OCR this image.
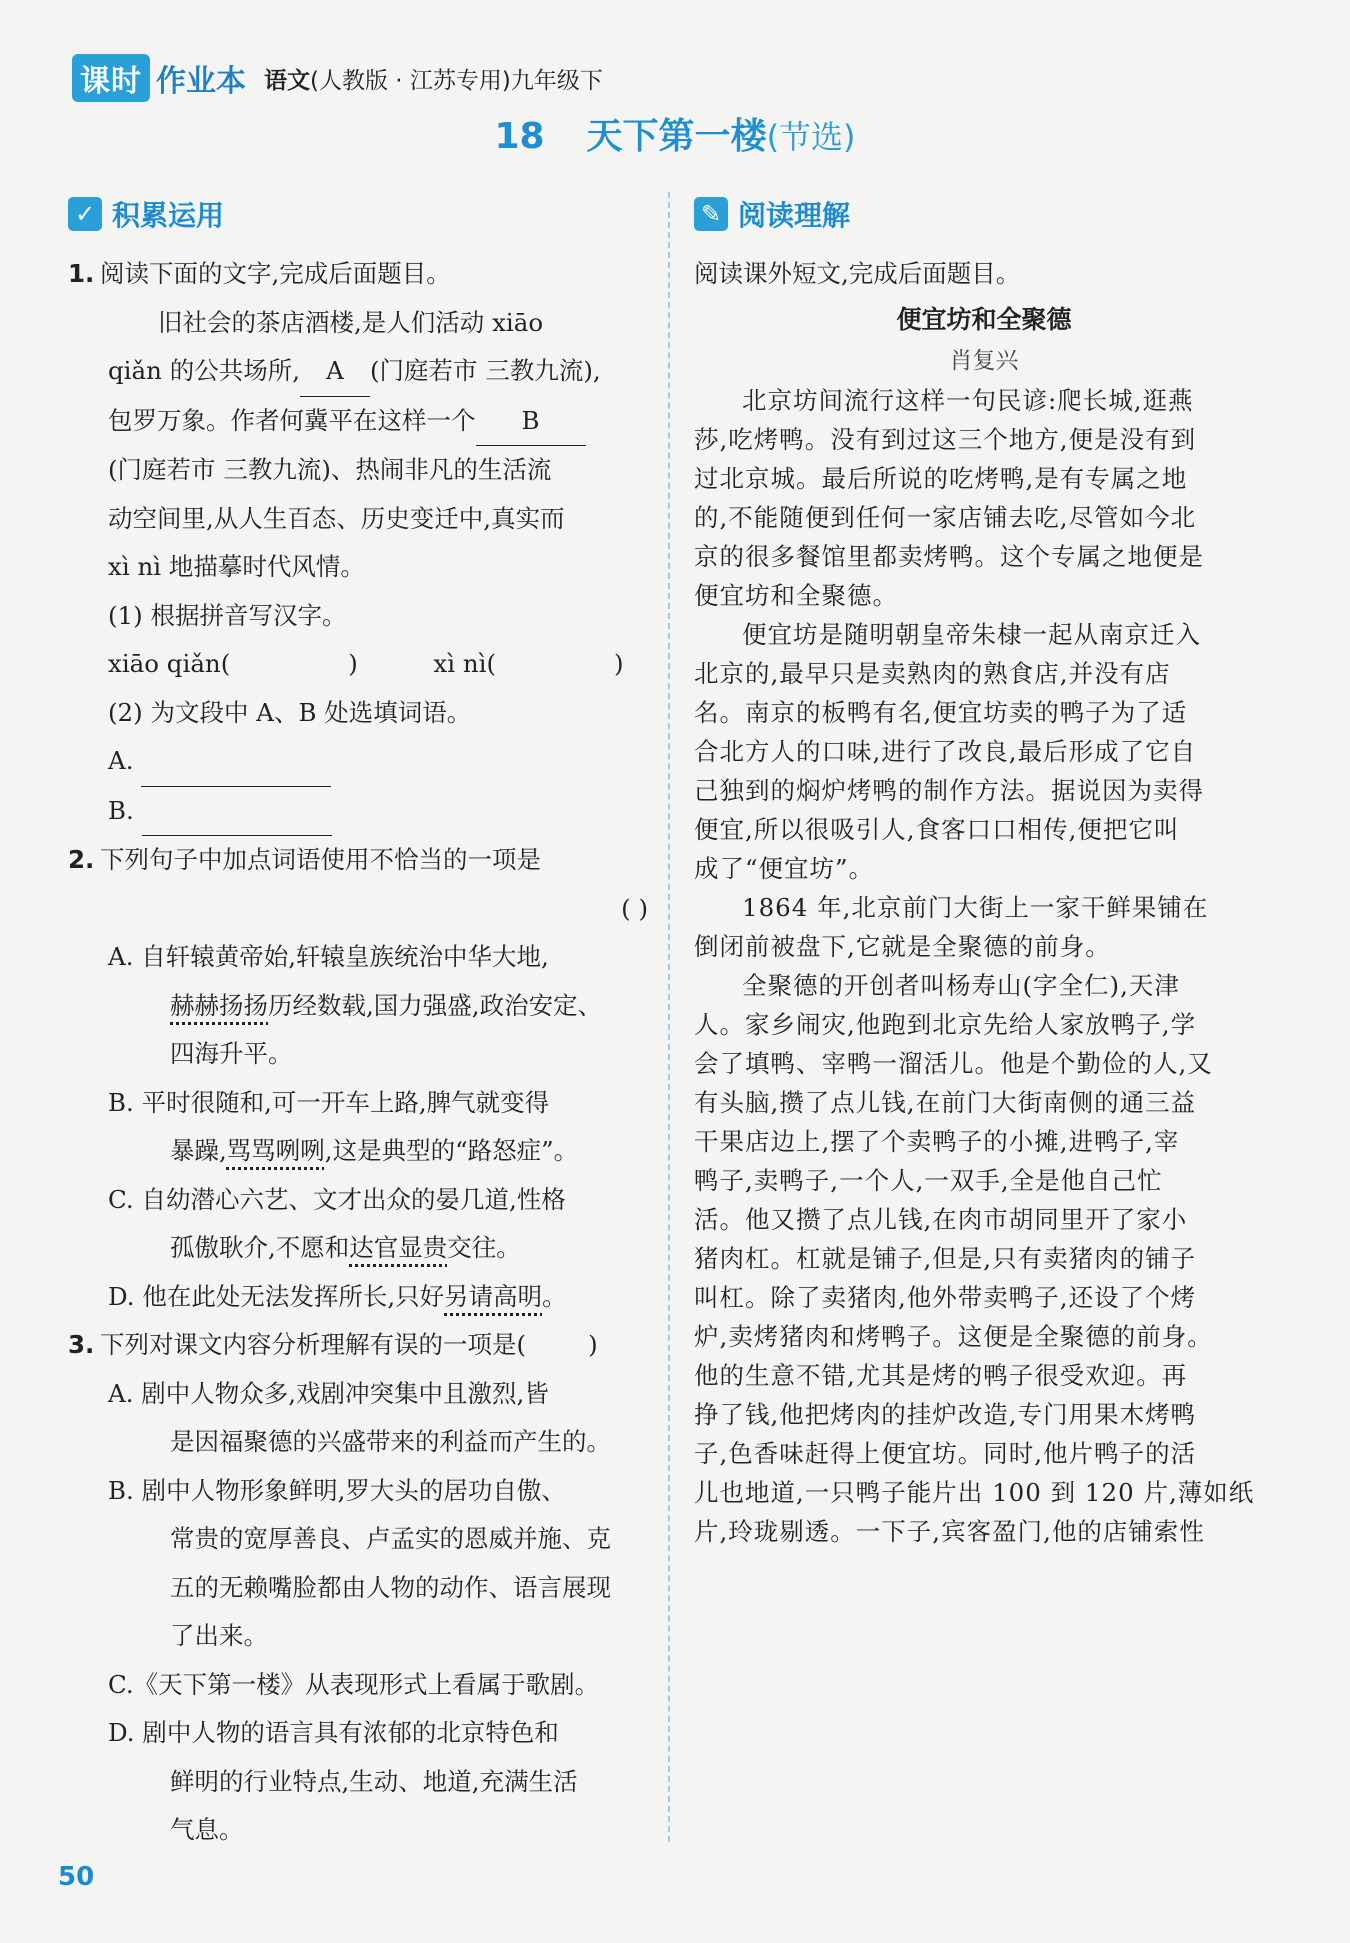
课时 作业本 语文(人教版 · 江苏专用)九年级下
18 天下第一楼(节选)
✓ 积累运用
1. 阅读下面的文字,完成后面题目。
旧社会的茶店酒楼,是人们活动 xiāo
qiǎn 的公共场所, A (门庭若市 三教九流),
包罗万象。作者何冀平在这样一个 B
(门庭若市 三教九流)、热闹非凡的生活流
动空间里,从人生百态、历史变迁中,真实而
xì nì 地描摹时代风情。
(1) 根据拼音写汉字。
xiāo qiǎn(	)	xì nì(	)
(2) 为文段中 A、B 处选填词语。
A.
B.
2. 下列句子中加点词语使用不恰当的一项是
( )
A. 自轩辕黄帝始,轩辕皇族统治中华大地,
赫赫扬扬历经数载,国力强盛,政治安定、
四海升平。
B. 平时很随和,可一开车上路,脾气就变得
暴躁,骂骂咧咧,这是典型的“路怒症”。
C. 自幼潜心六艺、文才出众的晏几道,性格
孤傲耿介,不愿和达官显贵交往。
D. 他在此处无法发挥所长,只好另请高明。
3. 下列对课文内容分析理解有误的一项是(	)
A. 剧中人物众多,戏剧冲突集中且激烈,皆
是因福聚德的兴盛带来的利益而产生的。
B. 剧中人物形象鲜明,罗大头的居功自傲、
常贵的宽厚善良、卢孟实的恩威并施、克
五的无赖嘴脸都由人物的动作、语言展现
了出来。
C.《天下第一楼》从表现形式上看属于歌剧。
D. 剧中人物的语言具有浓郁的北京特色和
鲜明的行业特点,生动、地道,充满生活
气息。
✎ 阅读理解
阅读课外短文,完成后面题目。
便宜坊和全聚德
肖复兴
北京坊间流行这样一句民谚:爬长城,逛燕
莎,吃烤鸭。没有到过这三个地方,便是没有到
过北京城。最后所说的吃烤鸭,是有专属之地
的,不能随便到任何一家店铺去吃,尽管如今北
京的很多餐馆里都卖烤鸭。这个专属之地便是
便宜坊和全聚德。
便宜坊是随明朝皇帝朱棣一起从南京迁入
北京的,最早只是卖熟肉的熟食店,并没有店
名。南京的板鸭有名,便宜坊卖的鸭子为了适
合北方人的口味,进行了改良,最后形成了它自
己独到的焖炉烤鸭的制作方法。据说因为卖得
便宜,所以很吸引人,食客口口相传,便把它叫
成了“便宜坊”。
1864 年,北京前门大街上一家干鲜果铺在
倒闭前被盘下,它就是全聚德的前身。
全聚德的开创者叫杨寿山(字全仁),天津
人。家乡闹灾,他跑到北京先给人家放鸭子,学
会了填鸭、宰鸭一溜活儿。他是个勤俭的人,又
有头脑,攒了点儿钱,在前门大街南侧的通三益
干果店边上,摆了个卖鸭子的小摊,进鸭子,宰
鸭子,卖鸭子,一个人,一双手,全是他自己忙
活。他又攒了点儿钱,在肉市胡同里开了家小
猪肉杠。杠就是铺子,但是,只有卖猪肉的铺子
叫杠。除了卖猪肉,他外带卖鸭子,还设了个烤
炉,卖烤猪肉和烤鸭子。这便是全聚德的前身。
他的生意不错,尤其是烤的鸭子很受欢迎。再
挣了钱,他把烤肉的挂炉改造,专门用果木烤鸭
子,色香味赶得上便宜坊。同时,他片鸭子的活
儿也地道,一只鸭子能片出 100 到 120 片,薄如纸
片,玲珑剔透。一下子,宾客盈门,他的店铺索性
50
